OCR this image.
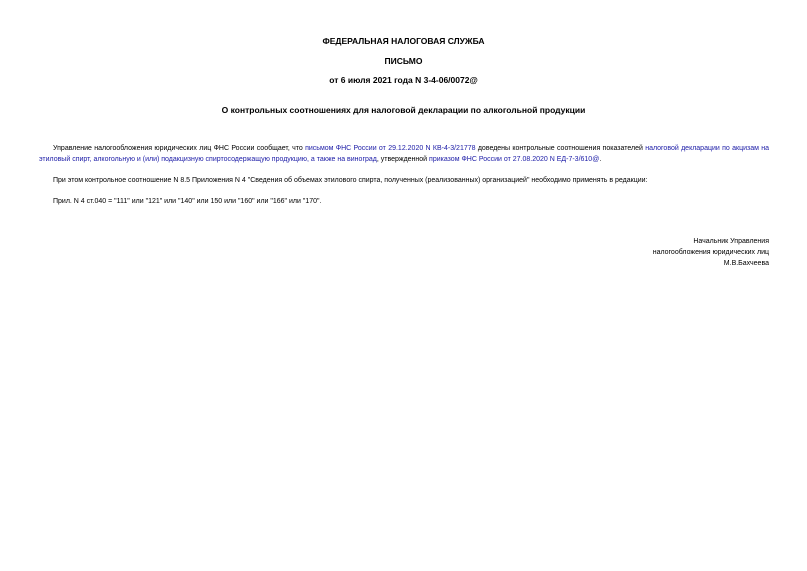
ФЕДЕРАЛЬНАЯ НАЛОГОВАЯ СЛУЖБА
ПИСЬМО
от 6 июля 2021 года N 3-4-06/0072@
О контрольных соотношениях для налоговой декларации по алкогольной продукции
Управление налогообложения юридических лиц ФНС России сообщает, что письмом ФНС России от 29.12.2020 N КВ-4-3/21778 доведены контрольные соотношения показателей налоговой декларации по акцизам на этиловый спирт, алкогольную и (или) подакцизную спиртосодержащую продукцию, а также на виноград, утвержденной приказом ФНС России от 27.08.2020 N ЕД-7-3/610@.
При этом контрольное соотношение N 8.5 Приложения N 4 "Сведения об объемах этилового спирта, полученных (реализованных) организацией" необходимо применять в редакции:
Прил. N 4 ст.040 = "111" или "121" или "140" или 150 или "160" или "166" или "170".
Начальник Управления
налогообложения юридических лиц
М.В.Бахчеева
